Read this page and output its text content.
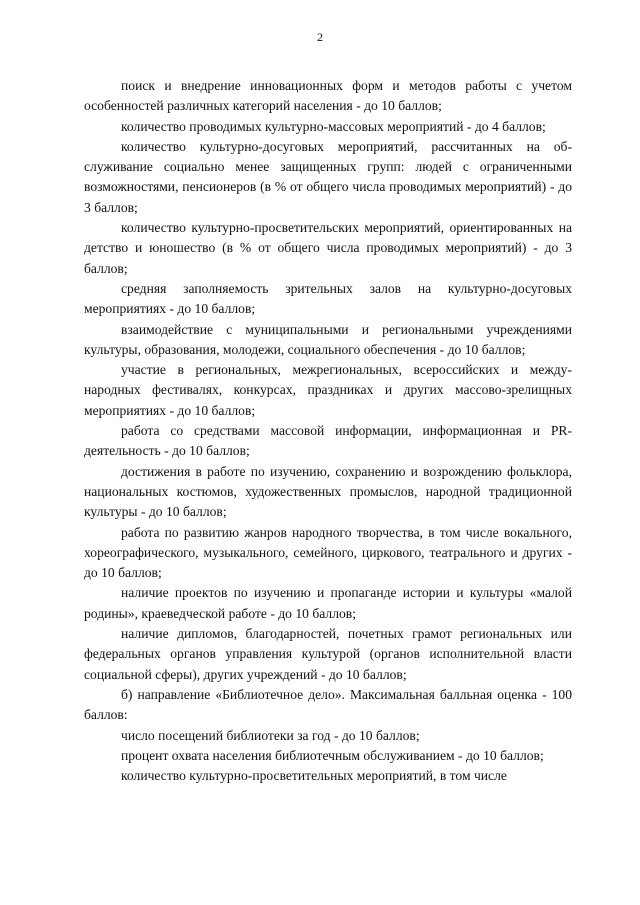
2

поиск и внедрение инновационных форм и методов работы с учетом особенностей различных категорий населения - до 10 баллов;

количество проводимых культурно-массовых мероприятий - до 4 баллов;

количество культурно-досуговых мероприятий, рассчитанных на обслуживание социально менее защищенных групп: людей с ограниченными возможностями, пенсионеров (в % от общего числа проводимых мероприятий) - до 3 баллов;

количество культурно-просветительских мероприятий, ориентированных на детство и юношество (в % от общего числа проводимых мероприятий) - до 3 баллов;

средняя заполняемость зрительных залов на культурно-досуговых мероприятиях - до 10 баллов;

взаимодействие с муниципальными и региональными учреждениями культуры, образования, молодежи, социального обеспечения - до 10 баллов;

участие в региональных, межрегиональных, всероссийских и международных фестивалях, конкурсах, праздниках и других массово-зрелищных мероприятиях - до 10 баллов;

работа со средствами массовой информации, информационная и PR-деятельность - до 10 баллов;

достижения в работе по изучению, сохранению и возрождению фольклора, национальных костюмов, художественных промыслов, народной традиционной культуры - до 10 баллов;

работа по развитию жанров народного творчества, в том числе вокального, хореографического, музыкального, семейного, циркового, театрального и других - до 10 баллов;

наличие проектов по изучению и пропаганде истории и культуры «малой родины», краеведческой работе - до 10 баллов;

наличие дипломов, благодарностей, почетных грамот региональных или федеральных органов управления культурой (органов исполнительной власти социальной сферы), других учреждений - до 10 баллов;

б) направление «Библиотечное дело». Максимальная балльная оценка - 100 баллов:

число посещений библиотеки за год - до 10 баллов;

процент охвата населения библиотечным обслуживанием - до 10 баллов;

количество культурно-просветительных мероприятий, в том числе
